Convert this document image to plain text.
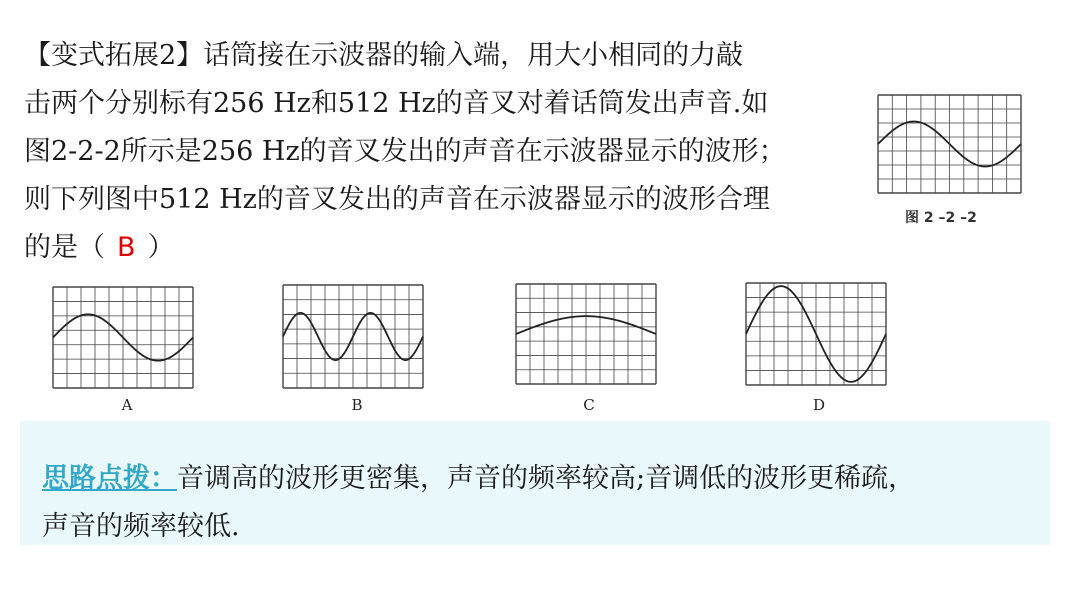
【变式拓展2】话筒接在示波器的输入端，用大小相同的力敲

击两个分别标有256 Hz和512 Hz的音叉对着话筒发出声音.如

图2-2-2所示是256 Hz的音叉发出的声音在示波器显示的波形；

则下列图中512 Hz的音叉发出的声音在示波器显示的波形合理

的是（ B ）

图 2 –2 –2
A	B	C	D
思路点拨：音调高的波形更密集，声音的频率较高;音调低的波形更稀疏，
声音的频率较低.
